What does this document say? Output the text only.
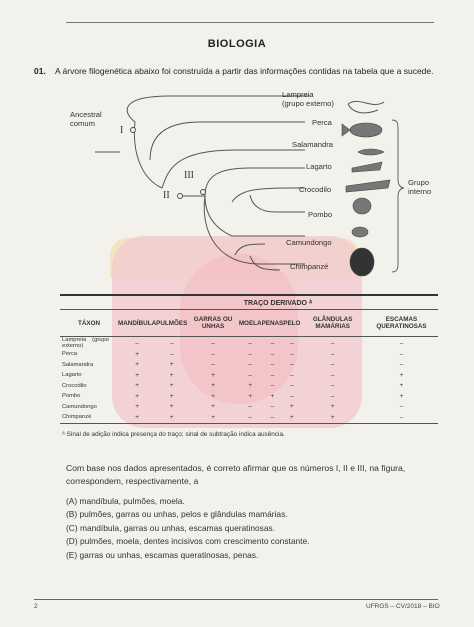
BIOLOGIA
01. A árvore filogenética abaixo foi construída a partir das informações contidas na tabela que a sucede.
Ancestral
comum
I
II
III
Lampreia
(grupo externo)
Perca
Salamandra
Lagarto
Crocodilo
Pombo
Camundongo
Chimpanzé
Grupo
interno
	TRAÇO DERIVADO ᴬ							
TÁXON	MANDÍBULA	PULMÕES	GARRAS OU UNHAS	MOELA	PENAS	PELO	GLÂNDULAS MAMÁRIAS	ESCAMAS QUERATINOSAS
Lampreia (grupo externo)	–	–	–	–	–	–	–	–
Perca	+	–	–	–	–	–	–	–
Salamandra	+	+	–	–	–	–	–	–
Lagarto	+	+	+	–	–	–	–	+
Crocodilo	+	+	+	+	–	–	–	+
Pombo	+	+	+	+	+	–	–	+
Camundongo	+	+	+	–	–	+	+	–
Chimpanzé	+	+	+	–	–	+	+	–
ᴬ Sinal de adição indica presença do traço; sinal de subtração indica ausência.
Com base nos dados apresentados, é correto afirmar que os números I, II e III, na figura,
correspondem, respectivamente, a
(A) mandíbula, pulmões, moela.
(B) pulmões, garras ou unhas, pelos e glândulas mamárias.
(C) mandíbula, garras ou unhas, escamas queratinosas.
(D) pulmões, moela, dentes incisivos com crescimento constante.
(E) garras ou unhas, escamas queratinosas, penas.
2	UFRGS – CV/2018 – BIO
